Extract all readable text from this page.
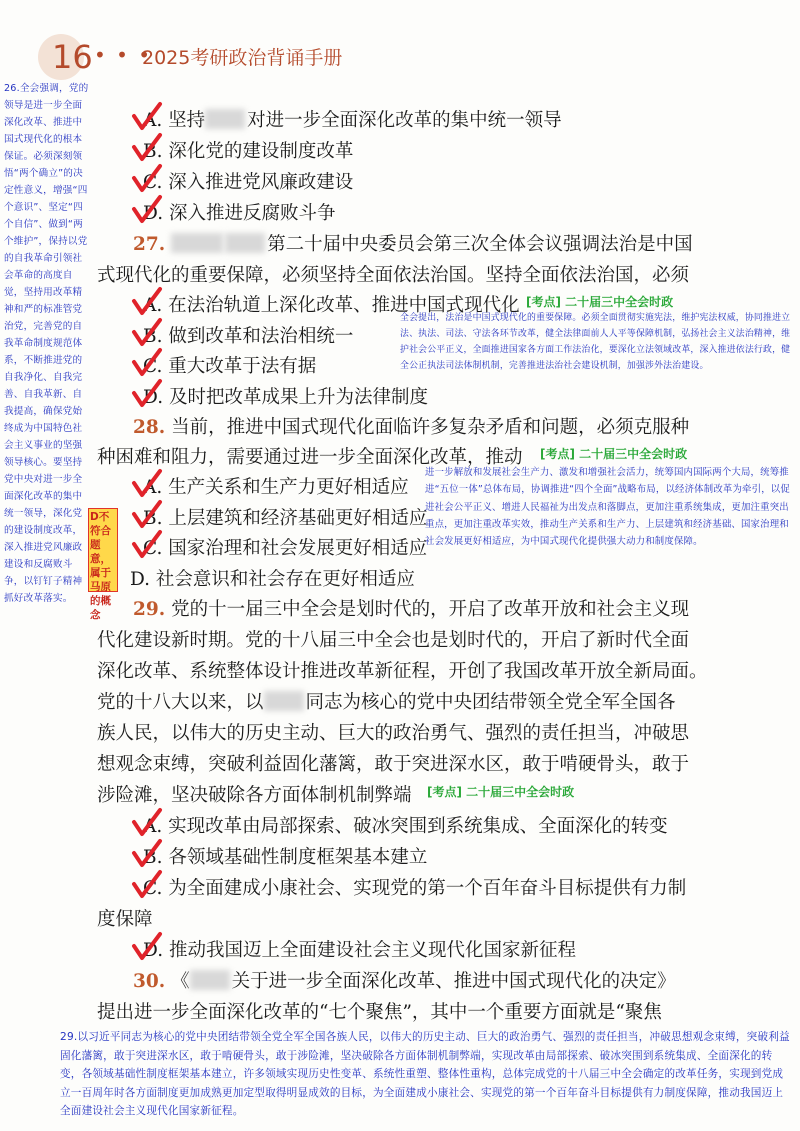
16 • • •
2025考研政治背诵手册
26.全会强调，党的领导是进一步全面深化改革、推进中国式现代化的根本保证。必须深刻领悟“两个确立”的决定性意义，增强“四个意识”、坚定“四个自信”、做到“两个维护”，保持以党的自我革命引领社会革命的高度自觉，坚持用改革精神和严的标准管党治党，完善党的自我革命制度规范体系，不断推进党的自我净化、自我完善、自我革新、自我提高，确保党始终成为中国特色社会主义事业的坚强领导核心。要坚持党中央对进一步全面深化改革的集中统一领导，深化党的建设制度改革，深入推进党风廉政建设和反腐败斗争，以钉钉子精神抓好改革落实。
A. 坚持 对进一步全面深化改革的集中统一领导
B. 深化党的建设制度改革
C. 深入推进党风廉政建设
D. 深入推进反腐败斗争
27.	第二十届中央委员会第三次全体会议强调法治是中国
式现代化的重要保障，必须坚持全面依法治国。坚持全面依法治国，必须
A. 在法治轨道上深化改革、推进中国式现代化 [考点] 二十届三中全会时政
B. 做到改革和法治相统一
C. 重大改革于法有据
D. 及时把改革成果上升为法律制度
全会提出，法治是中国式现代化的重要保障。必须全面贯彻实施宪法，维护宪法权威，协同推进立法、执法、司法、守法各环节改革，健全法律面前人人平等保障机制，弘扬社会主义法治精神，维护社会公平正义，全面推进国家各方面工作法治化，要深化立法领域改革，深入推进依法行政，健全公正执法司法体制机制，完善推进法治社会建设机制，加强涉外法治建设。
28. 当前，推进中国式现代化面临许多复杂矛盾和问题，必须克服种
种困难和阻力，需要通过进一步全面深化改革，推动 [考点] 二十届三中全会时政
A. 生产关系和生产力更好相适应
B. 上层建筑和经济基础更好相适应
C. 国家治理和社会发展更好相适应
D. 社会意识和社会存在更好相适应
进一步解放和发展社会生产力、激发和增强社会活力，统筹国内国际两个大局，统筹推进“五位一体”总体布局，协调推进“四个全面”战略布局，以经济体制改革为牵引，以促进社会公平正义、增进人民福祉为出发点和落脚点，更加注重系统集成，更加注重突出重点，更加注重改革实效，推动生产关系和生产力、上层建筑和经济基础、国家治理和社会发展更好相适应，为中国式现代化提供强大动力和制度保障。
D不符合题意，属于马原的概念	29. 党的十一届三中全会是划时代的，开启了改革开放和社会主义现
代化建设新时期。党的十八届三中全会也是划时代的，开启了新时代全面
深化改革、系统整体设计推进改革新征程，开创了我国改革开放全新局面。
党的十八大以来，以 同志为核心的党中央团结带领全党全军全国各
族人民，以伟大的历史主动、巨大的政治勇气、强烈的责任担当，冲破思
想观念束缚，突破利益固化藩篱，敢于突进深水区，敢于啃硬骨头，敢于
涉险滩，坚决破除各方面体制机制弊端 [考点] 二十届三中全会时政
A. 实现改革由局部探索、破冰突围到系统集成、全面深化的转变
B. 各领域基础性制度框架基本建立
C. 为全面建成小康社会、实现党的第一个百年奋斗目标提供有力制
度保障
D. 推动我国迈上全面建设社会主义现代化国家新征程
30. 《 关于进一步全面深化改革、推进中国式现代化的决定》
提出进一步全面深化改革的“七个聚焦”，其中一个重要方面就是“聚焦
29.以习近平同志为核心的党中央团结带领全党全军全国各族人民，以伟大的历史主动、巨大的政治勇气、强烈的责任担当，冲破思想观念束缚，突破利益固化藩篱，敢于突进深水区，敢于啃硬骨头，敢于涉险滩，坚决破除各方面体制机制弊端，实现改革由局部探索、破冰突围到系统集成、全面深化的转变，各领域基础性制度框架基本建立，许多领域实现历史性变革、系统性重塑、整体性重构，总体完成党的十八届三中全会确定的改革任务，实现到党成立一百周年时各方面制度更加成熟更加定型取得明显成效的目标，为全面建成小康社会、实现党的第一个百年奋斗目标提供有力制度保障，推动我国迈上全面建设社会主义现代化国家新征程。
